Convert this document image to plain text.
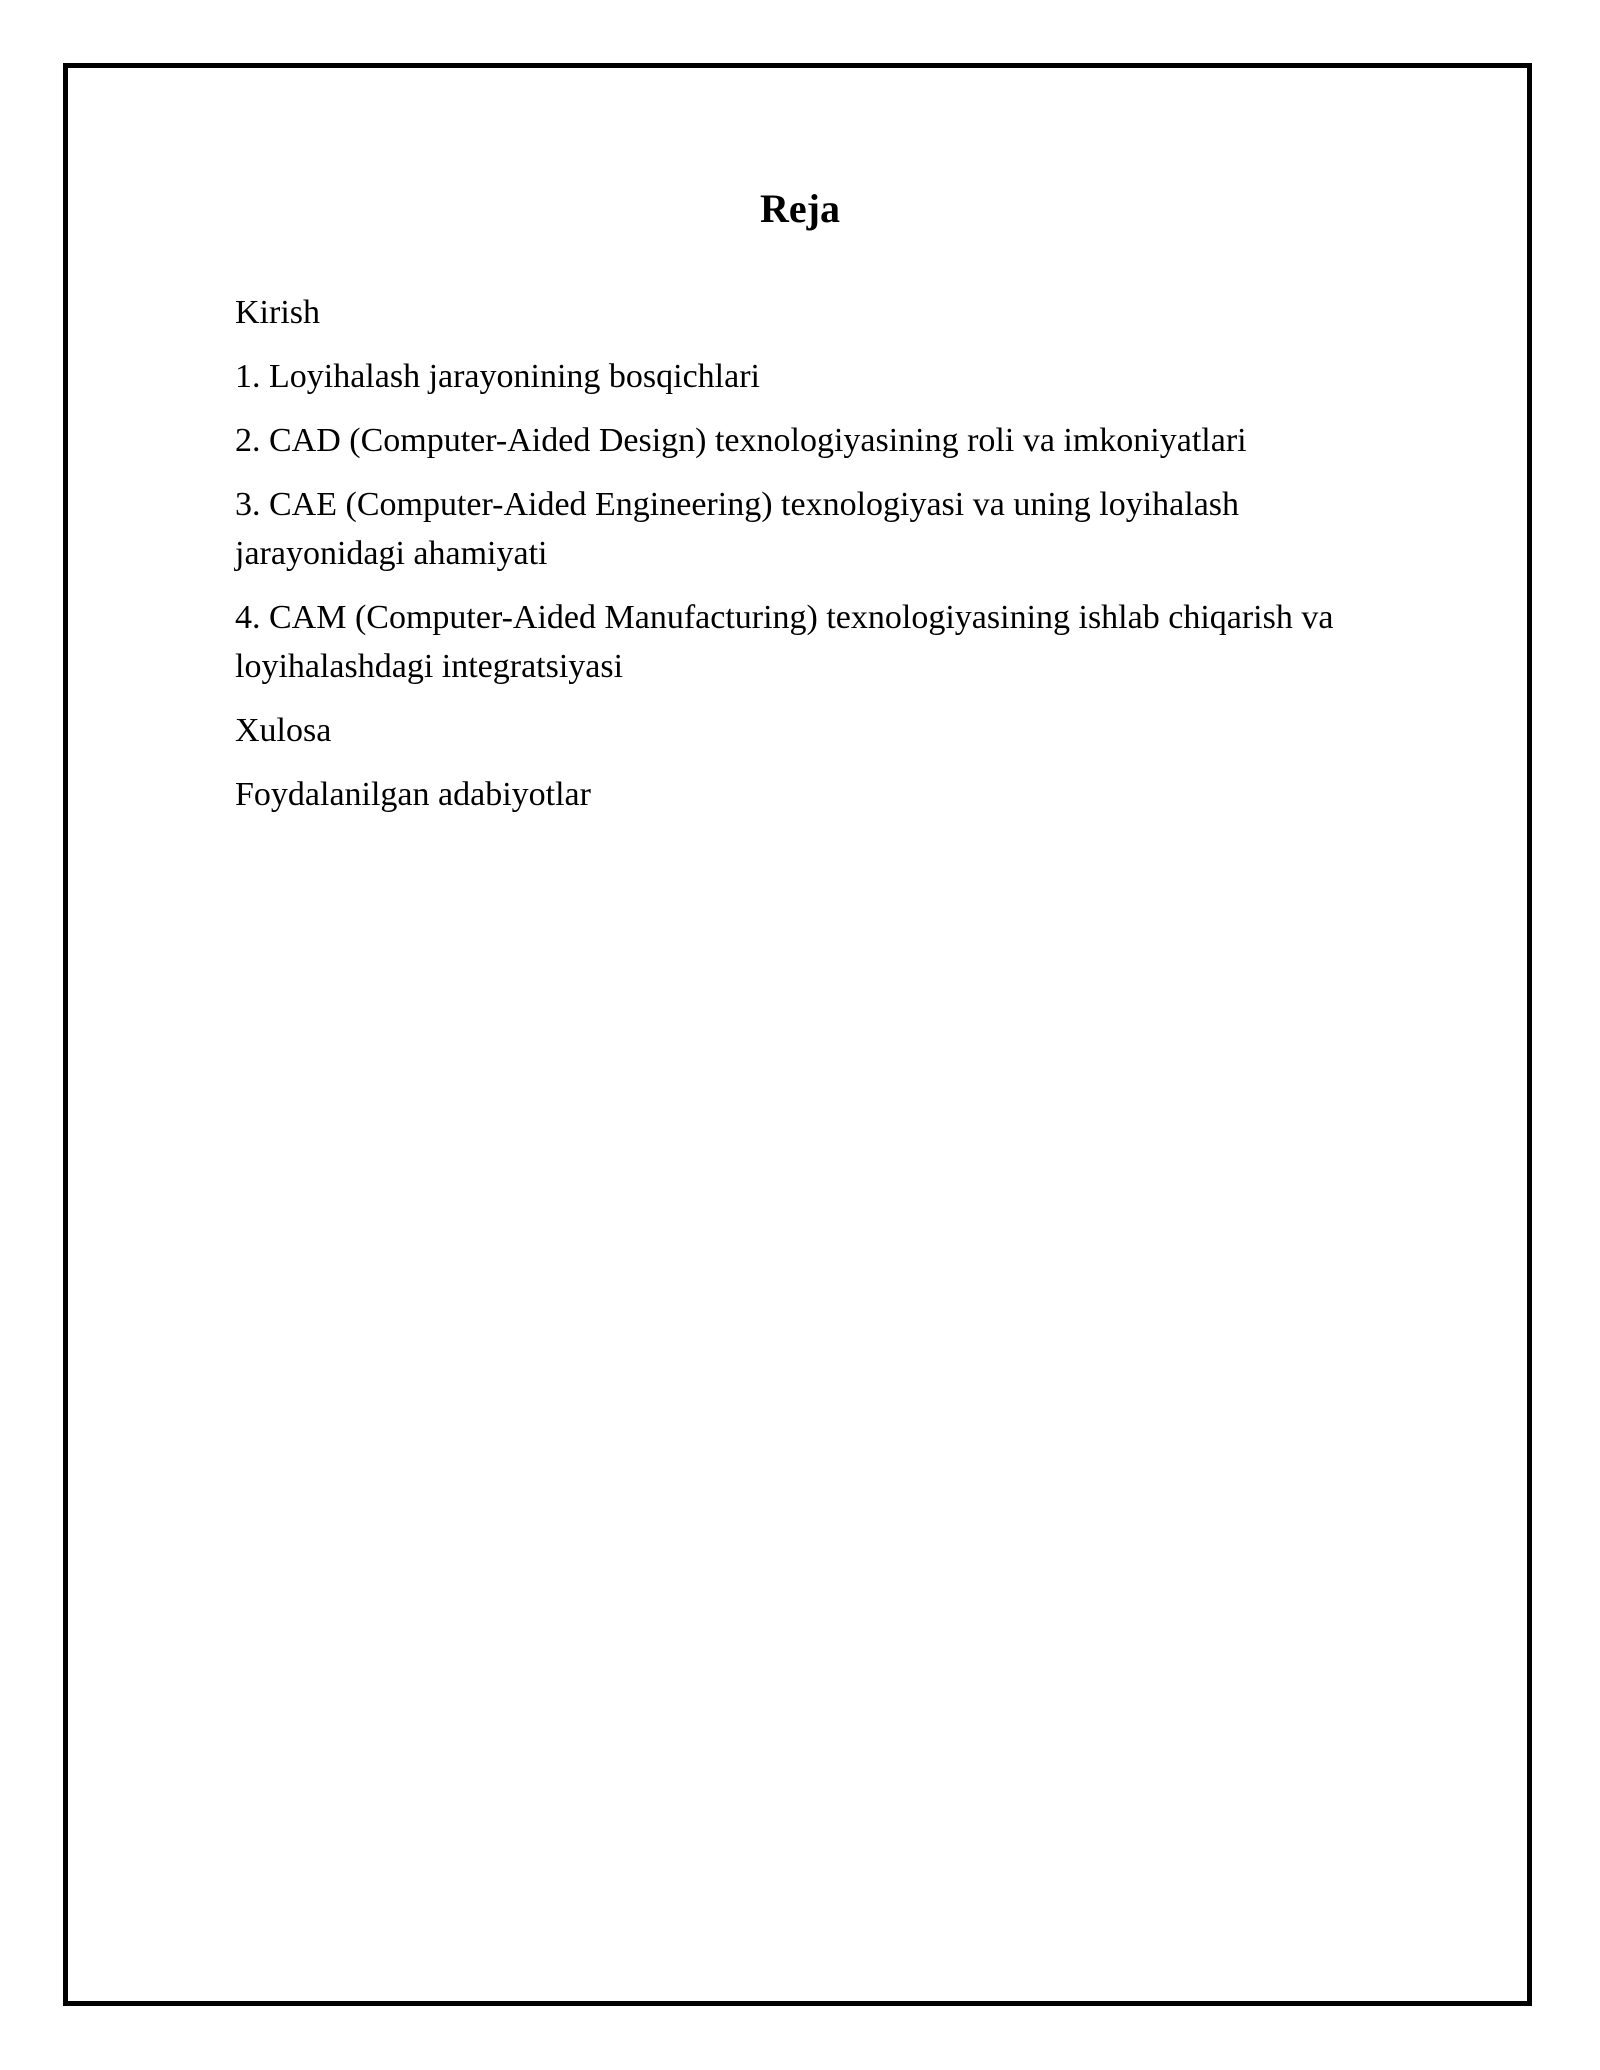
Reja
Kirish
1. Loyihalash jarayonining bosqichlari
2. CAD (Computer-Aided Design) texnologiyasining roli va imkoniyatlari
3. CAE (Computer-Aided Engineering) texnologiyasi va uning loyihalash jarayonidagi ahamiyati
4. CAM (Computer-Aided Manufacturing) texnologiyasining ishlab chiqarish va loyihalashdagi integratsiyasi
Xulosa
Foydalanilgan adabiyotlar
